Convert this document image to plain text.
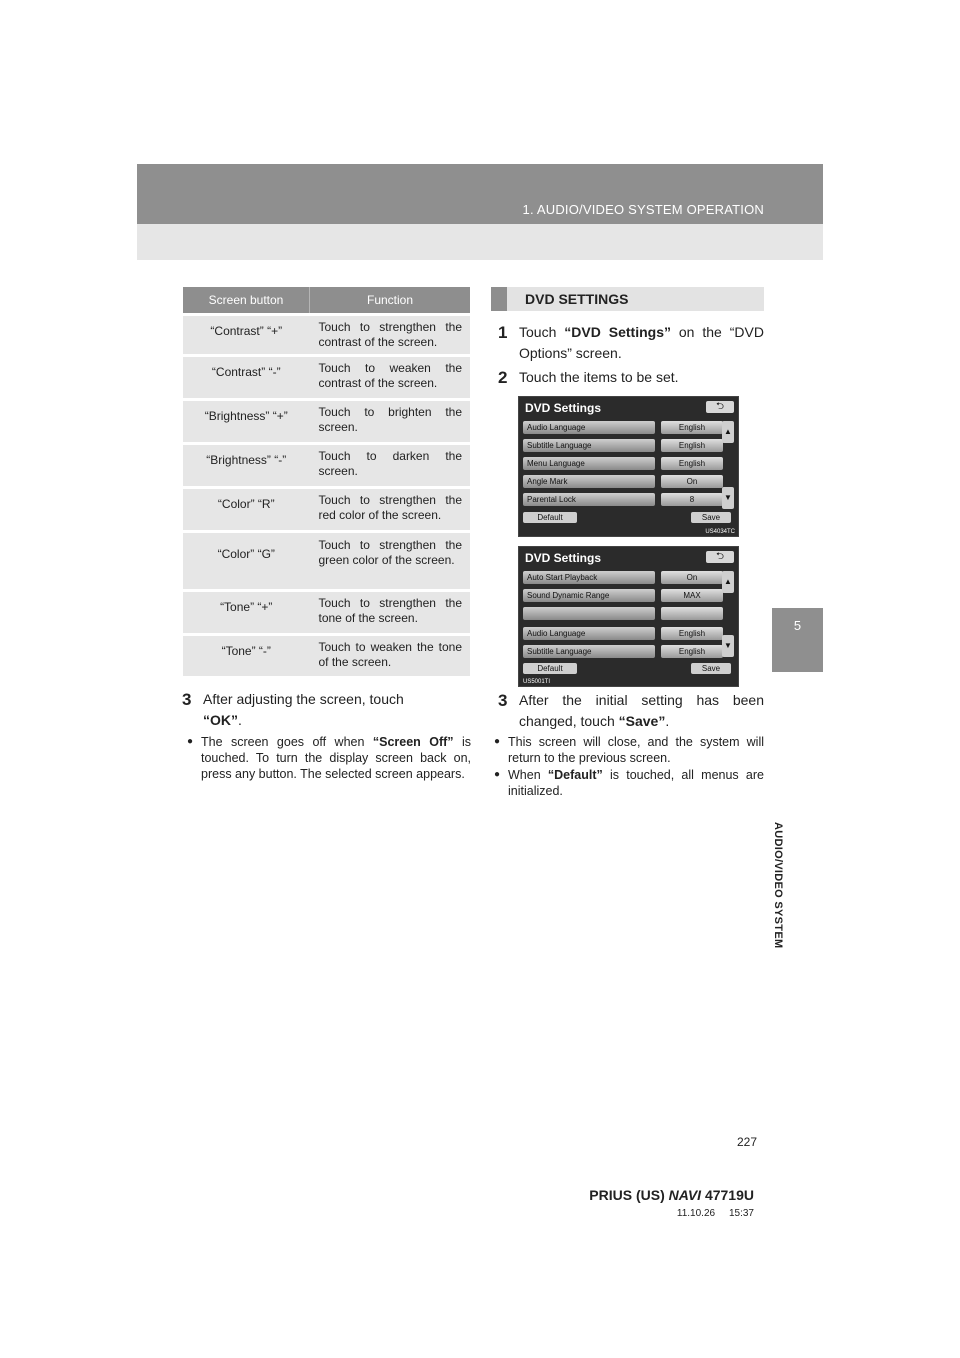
1. AUDIO/VIDEO SYSTEM OPERATION
5
AUDIO/VIDEO SYSTEM
Screen button	Function

“Contrast” “+”	Touch to strengthen the contrast of the screen.

“Contrast” “-”	Touch to weaken the contrast of the screen.

“Brightness” “+”	Touch to brighten the screen.

“Brightness” “-”	Touch to darken the screen.

“Color” “R”	Touch to strengthen the red color of the screen.

“Color” “G”	Touch to strengthen the green color of the screen.

“Tone” “+”	Touch to strengthen the tone of the screen.

“Tone” “-”	Touch to weaken the tone of the screen.
3 After adjusting the screen, touch
“OK”.
● The screen goes off when “Screen Off” is touched. To turn the display screen back on, press any button. The selected screen appears.
DVD SETTINGS
1 Touch “DVD Settings” on the “DVD Options” screen.
2 Touch the items to be set.
DVD Settings	⮌
Audio Language	English
Subtitle Language	English
Menu Language	English
Angle Mark	On
Parental Lock	8
▲
▼
Default	Save
US4034TC
DVD Settings	⮌
Auto Start Playback	On
Sound Dynamic Range	MAX
Audio Language	English
Subtitle Language	English
▲
▼
Default	Save
US5001TI
3 After the initial setting has been changed, touch “Save”.
● This screen will close, and the system will return to the previous screen.
● When “Default” is touched, all menus are initialized.
227
PRIUS (US) NAVI 47719U
11.10.26     15:37
